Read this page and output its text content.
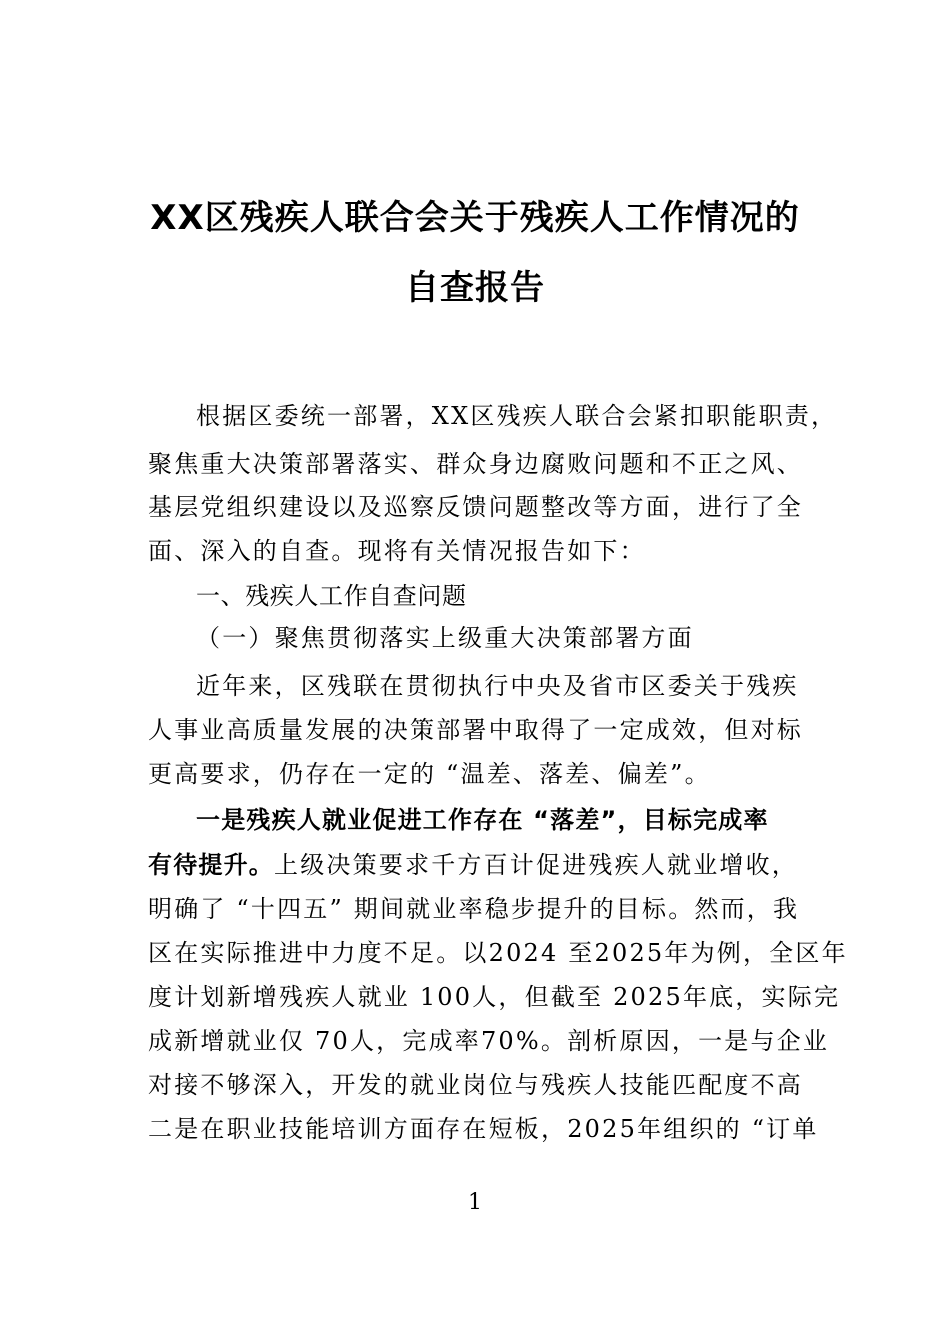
XX区残疾人联合会关于残疾人工作情况的
自查报告
根据区委统一部署，XX区残疾人联合会紧扣职能职责，
聚焦重大决策部署落实、群众身边腐败问题和不正之风、
基层党组织建设以及巡察反馈问题整改等方面，进行了全
面、深入的自查。现将有关情况报告如下：
一、残疾人工作自查问题
（一）聚焦贯彻落实上级重大决策部署方面
近年来，区残联在贯彻执行中央及省市区委关于残疾
人事业高质量发展的决策部署中取得了一定成效，但对标
更高要求，仍存在一定的 “温差、落差、偏差”。
一是残疾人就业促进工作存在 “落差”，目标完成率
有待提升。上级决策要求千方百计促进残疾人就业增收，
明确了 “十四五” 期间就业率稳步提升的目标。然而，我
区在实际推进中力度不足。以2024 至2025年为例，全区年
度计划新增残疾人就业 100人，但截至 2025年底，实际完
成新增就业仅 70人，完成率70%。剖析原因，一是与企业
对接不够深入，开发的就业岗位与残疾人技能匹配度不高
二是在职业技能培训方面存在短板，2025年组织的 “订单
1
